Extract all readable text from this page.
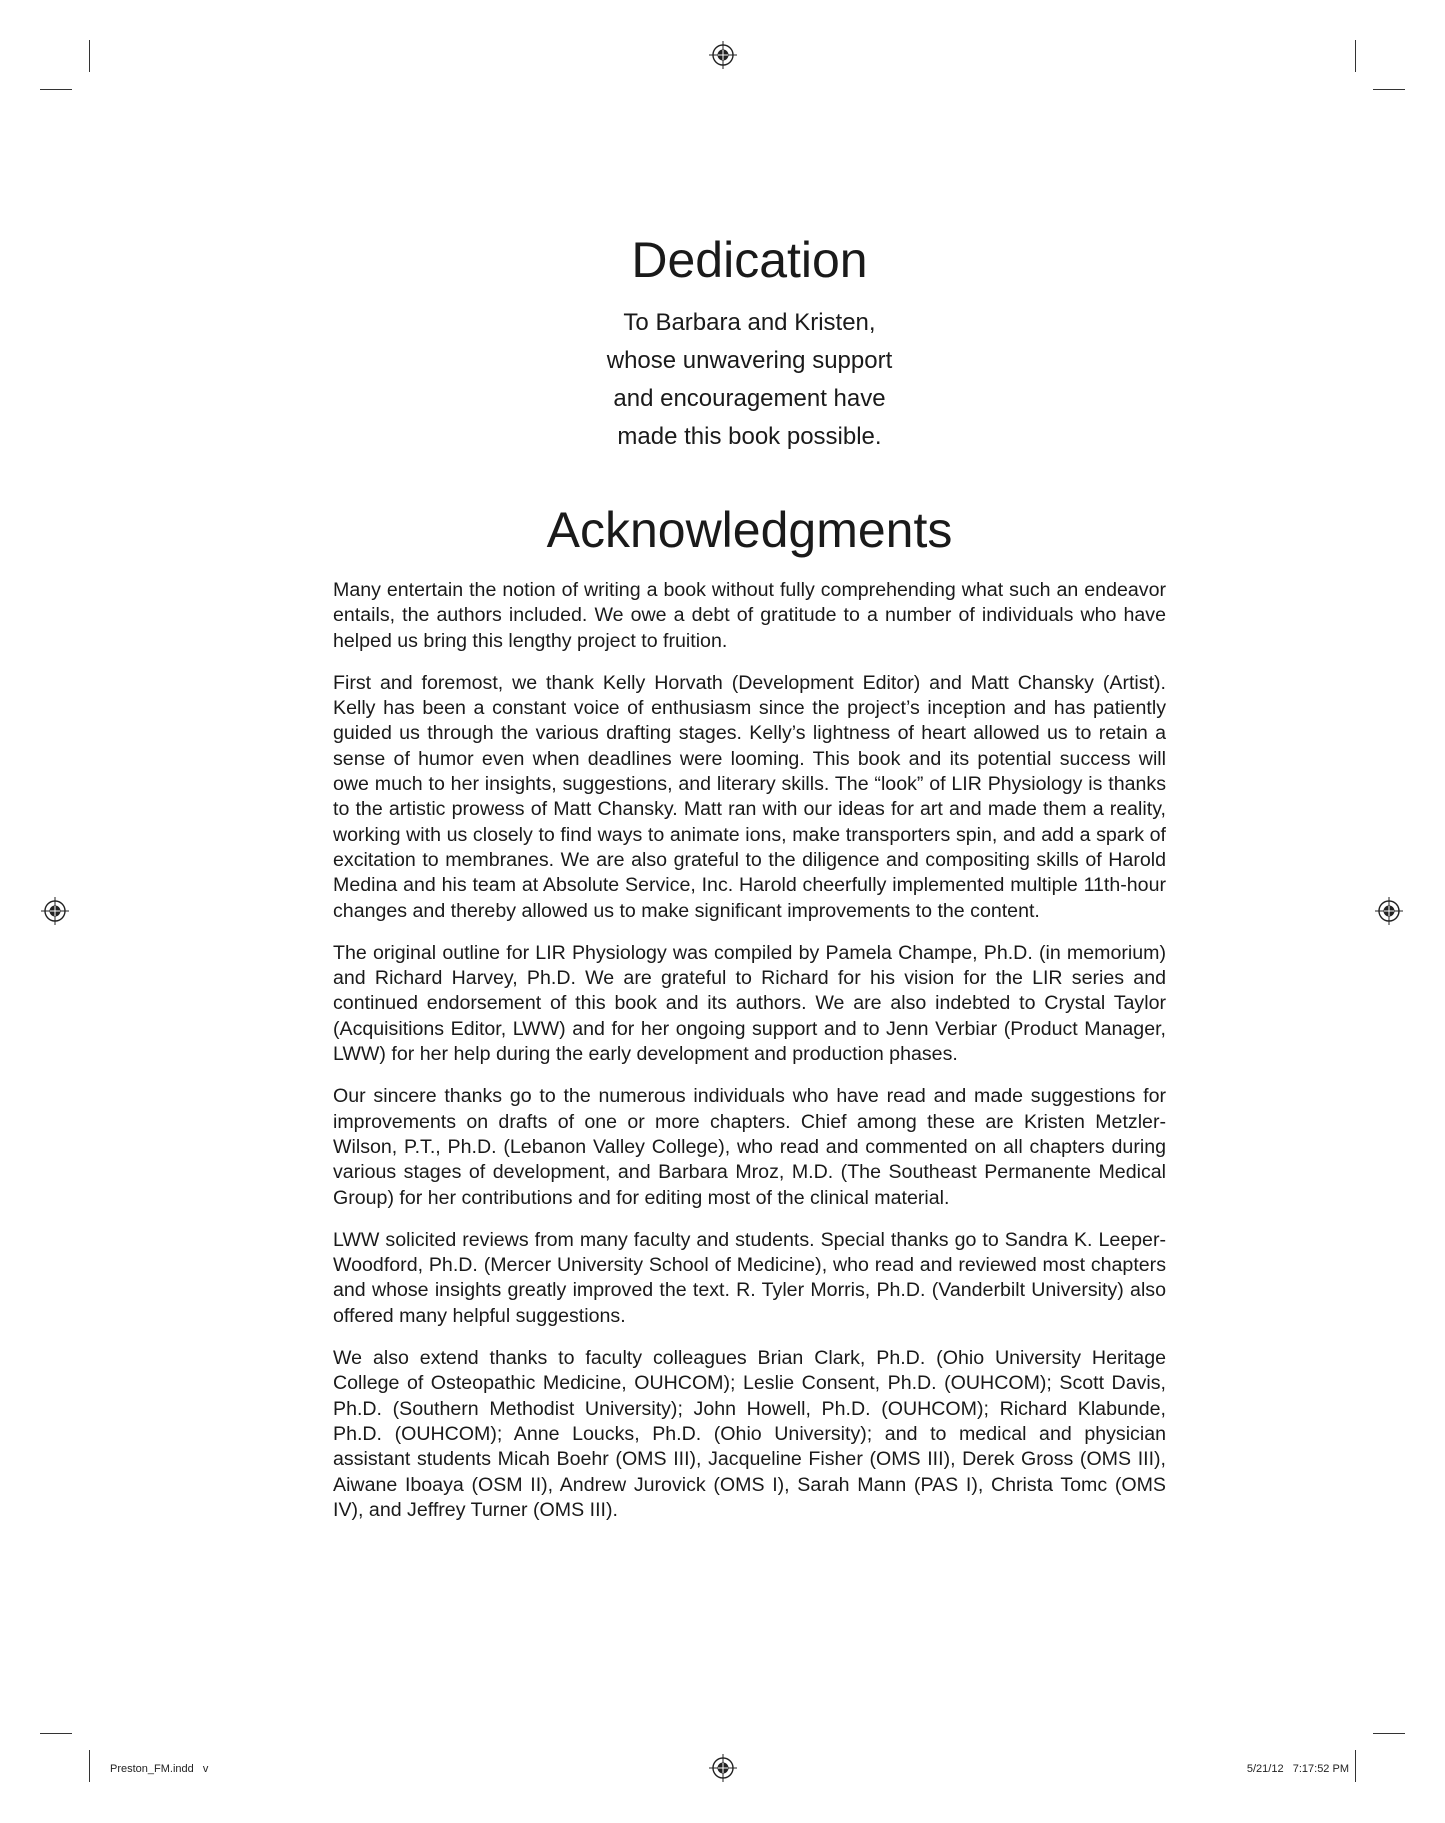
Dedication
To Barbara and Kristen,
whose unwavering support
and encouragement have
made this book possible.
Acknowledgments

Many entertain the notion of writing a book without fully comprehending what such an endeavor entails, the authors included. We owe a debt of gratitude to a number of individuals who have helped us bring this lengthy project to fruition.

First and foremost, we thank Kelly Horvath (Development Editor) and Matt Chansky (Artist). Kelly has been a constant voice of enthusiasm since the project’s inception and has patiently guided us through the various drafting stages. Kelly’s lightness of heart allowed us to retain a sense of humor even when deadlines were looming. This book and its potential success will owe much to her insights, suggestions, and literary skills. The “look” of LIR Physiology is thanks to the artistic prowess of Matt Chansky. Matt ran with our ideas for art and made them a reality, working with us closely to find ways to animate ions, make transporters spin, and add a spark of excitation to membranes. We are also grateful to the diligence and compositing skills of Harold Medina and his team at Absolute Service, Inc. Harold cheerfully implemented multiple 11th-hour changes and thereby allowed us to make significant improvements to the content.

The original outline for LIR Physiology was compiled by Pamela Champe, Ph.D. (in memorium) and Richard Harvey, Ph.D. We are grateful to Richard for his vision for the LIR series and continued endorsement of this book and its authors. We are also indebted to Crystal Taylor (Acquisitions Editor, LWW) and for her ongoing support and to Jenn Verbiar (Product Manager, LWW) for her help during the early development and production phases.

Our sincere thanks go to the numerous individuals who have read and made suggestions for improvements on drafts of one or more chapters. Chief among these are Kristen Metzler-Wilson, P.T., Ph.D. (Lebanon Valley College), who read and commented on all chapters during various stages of development, and Barbara Mroz, M.D. (The Southeast Permanente Medical Group) for her contributions and for editing most of the clinical material.

LWW solicited reviews from many faculty and students. Special thanks go to Sandra K. Leeper-Woodford, Ph.D. (Mercer University School of Medicine), who read and reviewed most chapters and whose insights greatly improved the text. R. Tyler Morris, Ph.D. (Vanderbilt University) also offered many helpful suggestions.

We also extend thanks to faculty colleagues Brian Clark, Ph.D. (Ohio University Heritage College of Osteopathic Medicine, OUHCOM); Leslie Consent, Ph.D. (OUHCOM); Scott Davis, Ph.D. (Southern Methodist University); John Howell, Ph.D. (OUHCOM); Richard Klabunde, Ph.D. (OUHCOM); Anne Loucks, Ph.D. (Ohio University); and to medical and physician assistant students Micah Boehr (OMS III), Jacqueline Fisher (OMS III), Derek Gross (OMS III), Aiwane Iboaya (OSM II), Andrew Jurovick (OMS I), Sarah Mann (PAS I), Christa Tomc (OMS IV), and Jeffrey Turner (OMS III).

Preston_FM.indd   v	5/21/12   7:17:52 PM
